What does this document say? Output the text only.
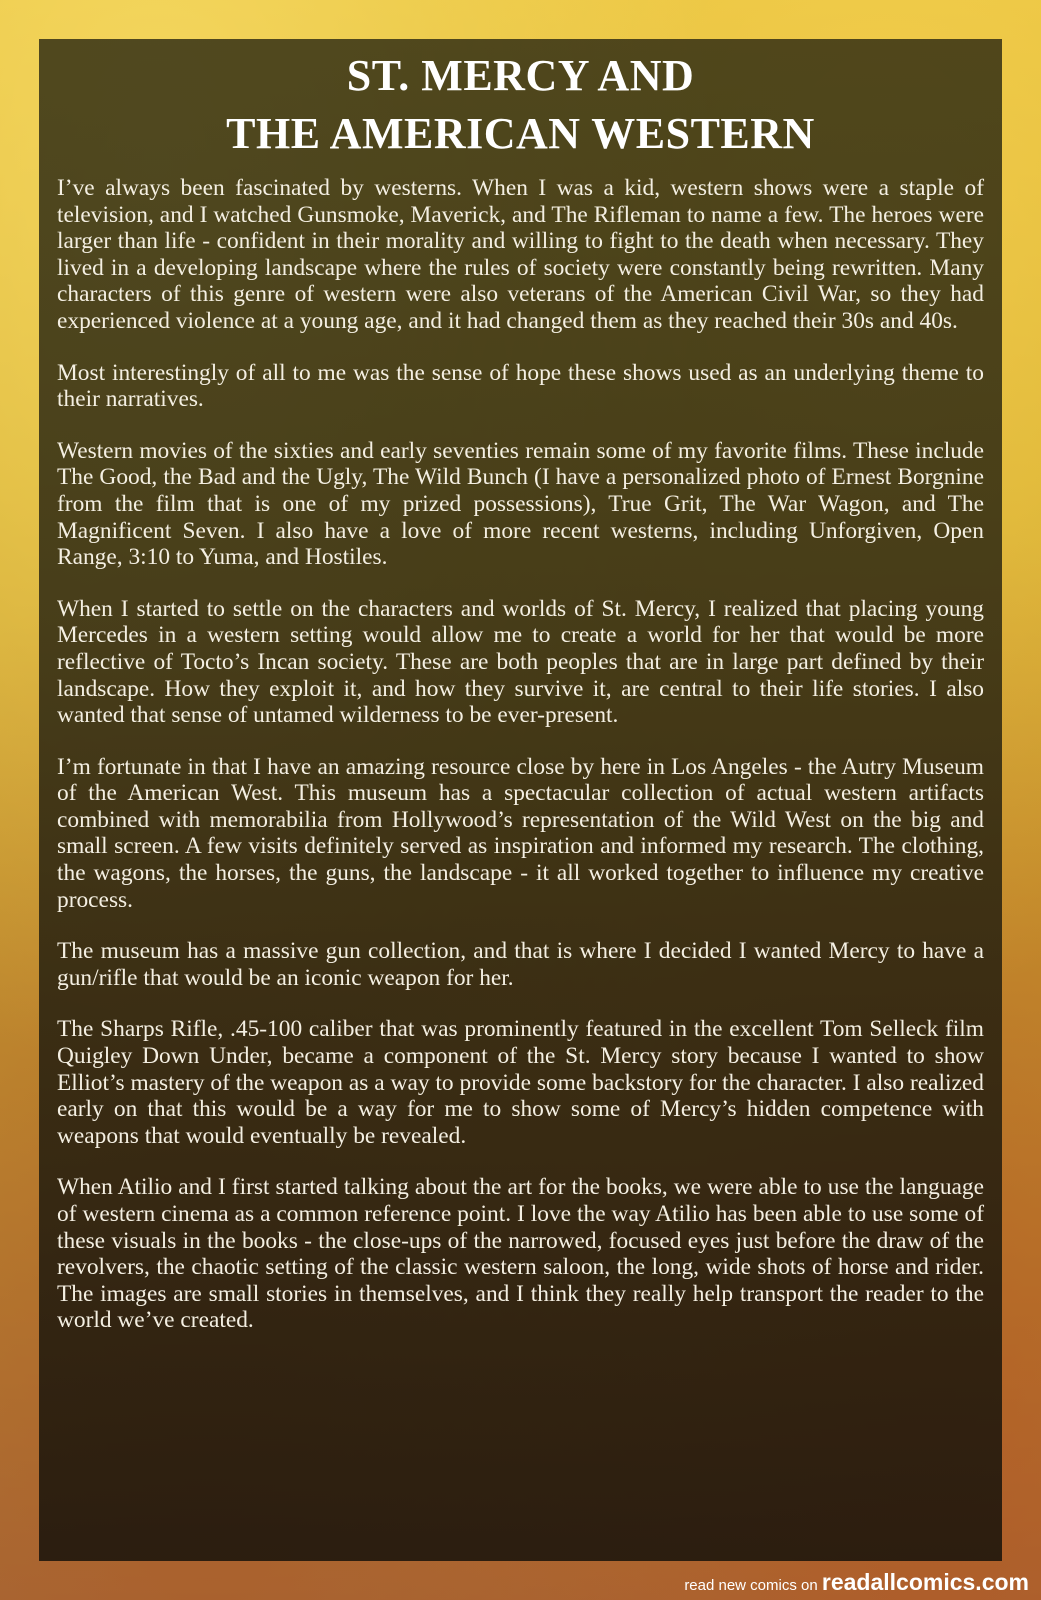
ST. MERCY AND
THE AMERICAN WESTERN

I’ve always been fascinated by westerns. When I was a kid, western shows were a staple of television, and I watched Gunsmoke, Maverick, and The Rifleman to name a few. The heroes were larger than life - confident in their morality and willing to fight to the death when necessary. They lived in a developing landscape where the rules of society were constantly being rewritten. Many characters of this genre of western were also veterans of the American Civil War, so they had experienced violence at a young age, and it had changed them as they reached their 30s and 40s.

Most interestingly of all to me was the sense of hope these shows used as an underlying theme to their narratives.

Western movies of the sixties and early seventies remain some of my favorite films. These include The Good, the Bad and the Ugly, The Wild Bunch (I have a personalized photo of Ernest Borgnine from the film that is one of my prized possessions), True Grit, The War Wagon, and The Magnificent Seven. I also have a love of more recent westerns, including Unforgiven, Open Range, 3:10 to Yuma, and Hostiles.

When I started to settle on the characters and worlds of St. Mercy, I realized that placing young Mercedes in a western setting would allow me to create a world for her that would be more reflective of Tocto’s Incan society. These are both peoples that are in large part defined by their landscape. How they exploit it, and how they survive it, are central to their life stories. I also wanted that sense of untamed wilderness to be ever-present.

I’m fortunate in that I have an amazing resource close by here in Los Angeles - the Autry Museum of the American West. This museum has a spectacular collection of actual western artifacts combined with memorabilia from Hollywood’s representation of the Wild West on the big and small screen. A few visits definitely served as inspiration and informed my research. The clothing, the wagons, the horses, the guns, the landscape - it all worked together to influence my creative process.

The museum has a massive gun collection, and that is where I decided I wanted Mercy to have a gun/rifle that would be an iconic weapon for her.

The Sharps Rifle, .45-100 caliber that was prominently featured in the excellent Tom Selleck film Quigley Down Under, became a component of the St. Mercy story because I wanted to show Elliot’s mastery of the weapon as a way to provide some backstory for the character. I also realized early on that this would be a way for me to show some of Mercy’s hidden competence with weapons that would eventually be revealed.

When Atilio and I first started talking about the art for the books, we were able to use the language of western cinema as a common reference point. I love the way Atilio has been able to use some of these visuals in the books - the close-ups of the narrowed, focused eyes just before the draw of the revolvers, the chaotic setting of the classic western saloon, the long, wide shots of horse and rider. The images are small stories in themselves, and I think they really help transport the reader to the world we’ve created.

read new comics on readallcomics.com
